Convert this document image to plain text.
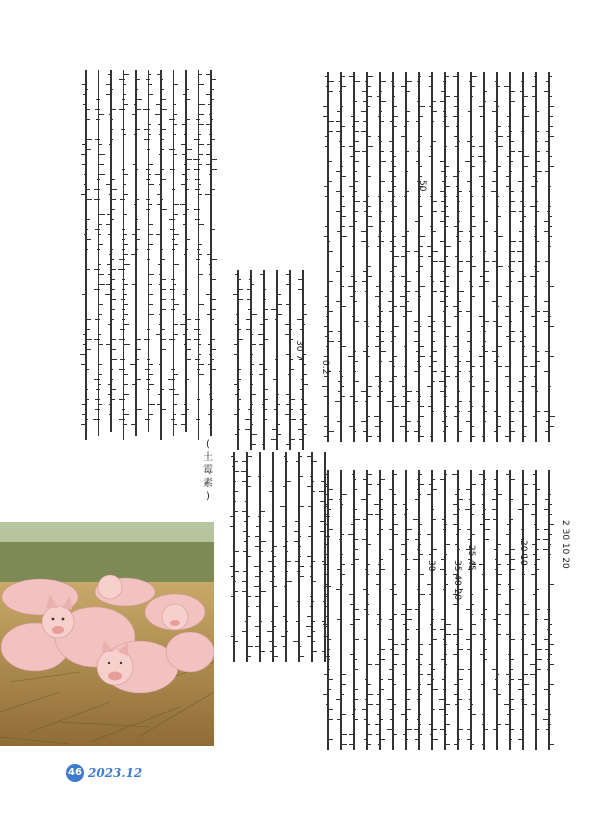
2 30 10 20
20 10
25 45
35 40 20
30
50
0.2
30 7
(
土
霉
素
)
46 2023.12
